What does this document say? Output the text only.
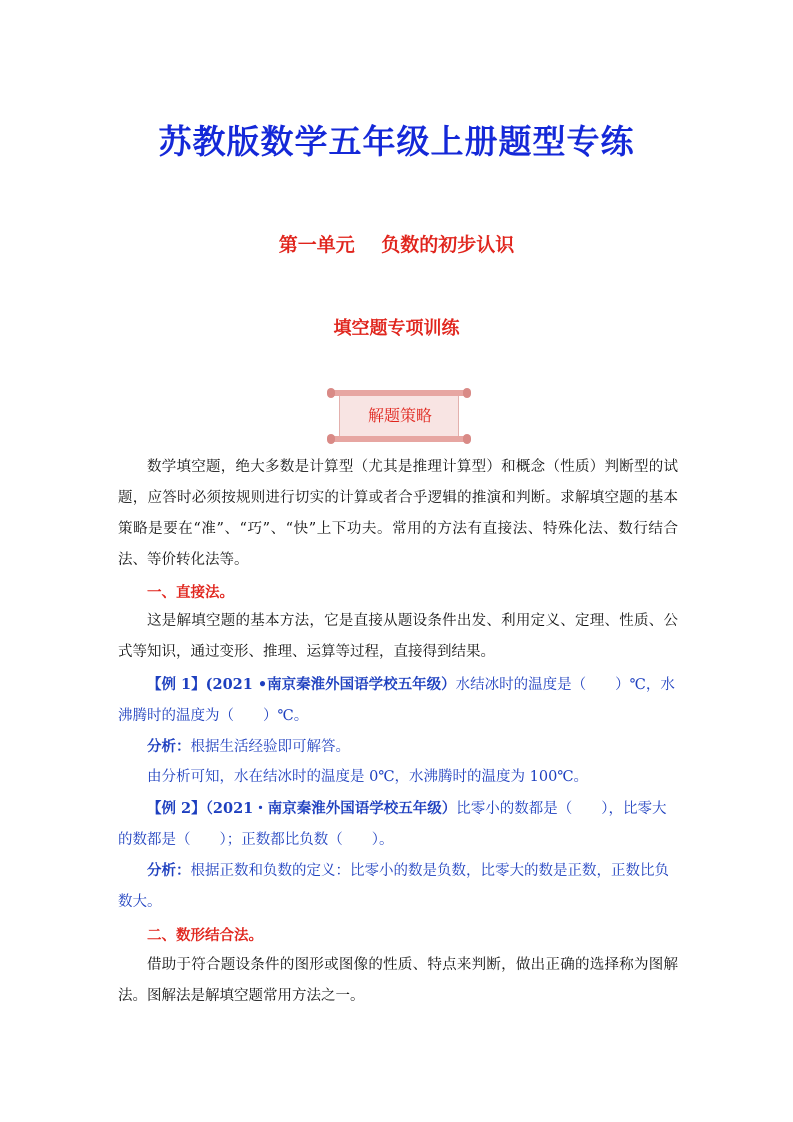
苏教版数学五年级上册题型专练
第一单元    负数的初步认识
填空题专项训练
解题策略
数学填空题，绝大多数是计算型（尤其是推理计算型）和概念（性质）判断型的试题，应答时必须按规则进行切实的计算或者合乎逻辑的推演和判断。求解填空题的基本策略是要在“准”、“巧”、“快”上下功夫。常用的方法有直接法、特殊化法、数行结合法、等价转化法等。
一、直接法。
这是解填空题的基本方法，它是直接从题设条件出发、利用定义、定理、性质、公式等知识，通过变形、推理、运算等过程，直接得到结果。
【例 1】(2021 •南京秦淮外国语学校五年级）水结冰时的温度是（　　）℃，水沸腾时的温度为（　　）℃。
分析：根据生活经验即可解答。
由分析可知，水在结冰时的温度是 0℃，水沸腾时的温度为 100℃。
【例 2】（2021・南京秦淮外国语学校五年级）比零小的数都是（　　），比零大的数都是（　　）；正数都比负数（　　）。
分析：根据正数和负数的定义：比零小的数是负数，比零大的数是正数，正数比负数大。
二、数形结合法。
借助于符合题设条件的图形或图像的性质、特点来判断，做出正确的选择称为图解法。图解法是解填空题常用方法之一。
